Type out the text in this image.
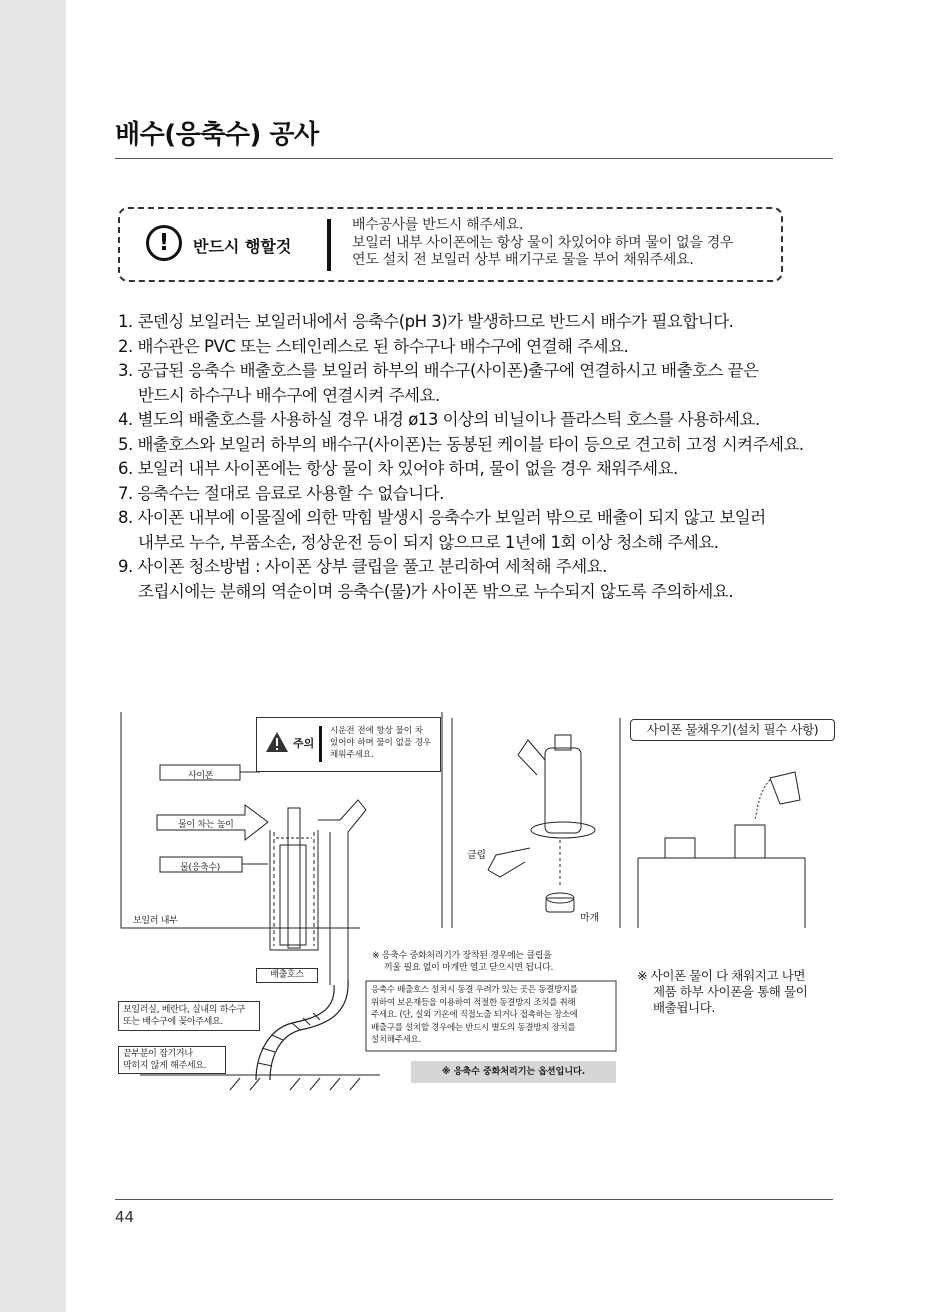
배수(응축수) 공사
!	반드시 행할것
배수공사를 반드시 해주세요.
보일러 내부 사이폰에는 항상 물이 차있어야 하며 물이 없을 경우
연도 설치 전 보일러 상부 배기구로 물을 부어 채워주세요.
1. 콘덴싱 보일러는 보일러내에서 응축수(pH 3)가 발생하므로 반드시 배수가 필요합니다.
2. 배수관은 PVC 또는 스테인레스로 된 하수구나 배수구에 연결해 주세요.
3. 공급된 응축수 배출호스를 보일러 하부의 배수구(사이폰)출구에 연결하시고 배출호스 끝은
반드시 하수구나 배수구에 연결시켜 주세요.
4. 별도의 배출호스를 사용하실 경우 내경 ø13 이상의 비닐이나 플라스틱 호스를 사용하세요.
5. 배출호스와 보일러 하부의 배수구(사이폰)는 동봉된 케이블 타이 등으로 견고히 고정 시켜주세요.
6. 보일러 내부 사이폰에는 항상 물이 차 있어야 하며, 물이 없을 경우 채워주세요.
7. 응축수는 절대로 음료로 사용할 수 없습니다.
8. 사이폰 내부에 이물질에 의한 막힘 발생시 응축수가 보일러 밖으로 배출이 되지 않고 보일러
내부로 누수, 부품소손, 정상운전 등이 되지 않으므로 1년에 1회 이상 청소해 주세요.
9. 사이폰 청소방법 : 사이폰 상부 클립을 풀고 분리하여 세척해 주세요.
조립시에는 분해의 역순이며 응축수(물)가 사이폰 밖으로 누수되지 않도록 주의하세요.
주의
시운전 전에 항상 물이 차
있어야 하며 물이 없을 경우
채워주세요.
사이폰
물이 차는 높이
물(응축수)
보일러 내부
배출호스
클립
마개
보일러실, 베란다, 실내의 하수구
또는 배수구에 꽂아주세요.
끝부분이 잠기거나
막히지 않게 해주세요.
※ 응축수 중화처리기가 장착된 경우에는 클립을
끼울 필요 없이 마개만 열고 닫으시면 됩니다.
응축수 배출호스 설치시 동결 우려가 있는 곳은 동결방지를
위하여 보온재등을 이용하여 적절한 동결방지 조치를 취해
주세요. (단, 실외 기온에 직접노출 되거나 접촉하는 장소에
배출구를 설치할 경우에는 반드시 별도의 동결방지 장치를
설치해주세요.
※ 응축수 중화처리기는 옵션입니다.
사이폰 물채우기(설치 필수 사항)
※ 사이폰 물이 다 채워지고 나면
제품 하부 사이폰을 통해 물이
배출됩니다.
44
